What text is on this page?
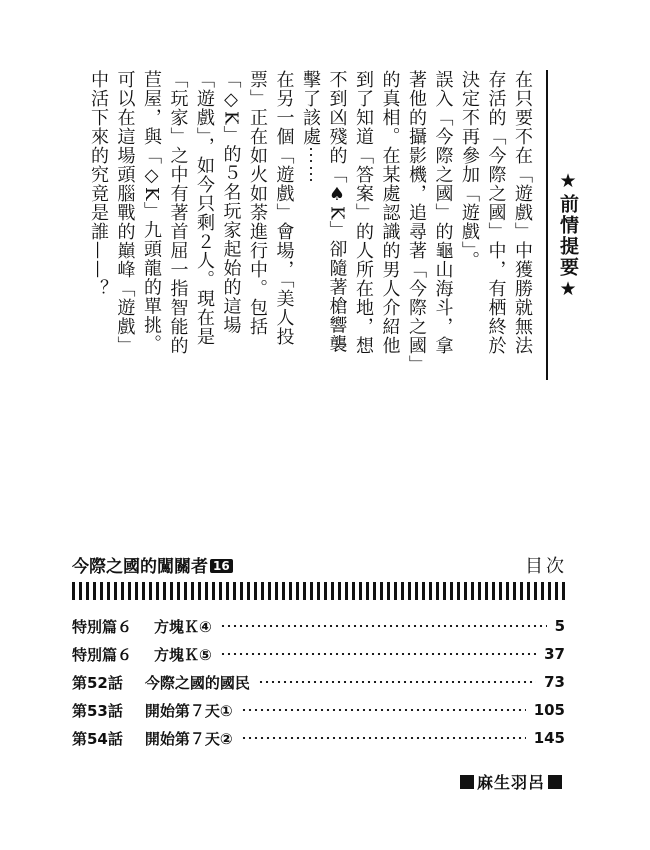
★前情提要★

在只要不在「遊戲」中獲勝就無法存活的「今際之國」中，有栖終於決定不再參加「遊戲」。

誤入「今際之國」的龜山海斗，拿著他的攝影機，追尋著「今際之國」的真相。在某處認識的男人介紹他到了知道「答案」的人所在地，想不到凶殘的「♠K」卻隨著槍響襲擊了該處⋯⋯

在另一個「遊戲」會場，「美人投票」正在如火如荼進行中。包括「◇K」的５名玩家起始的這場「遊戲」，如今只剩２人。現在是「玩家」之中有著首屈一指智能的苣屋，與「◇K」九頭龍的單挑。

可以在這場頭腦戰的巔峰「遊戲」中活下來的究竟是誰——？

今際之國的闖關者 16	目次
特別篇６ 方塊Ｋ④	5
特別篇６ 方塊Ｋ⑤	37
第52話 今際之國的國民	73
第53話 開始第７天①	105
第54話 開始第７天②	145
麻生羽呂
